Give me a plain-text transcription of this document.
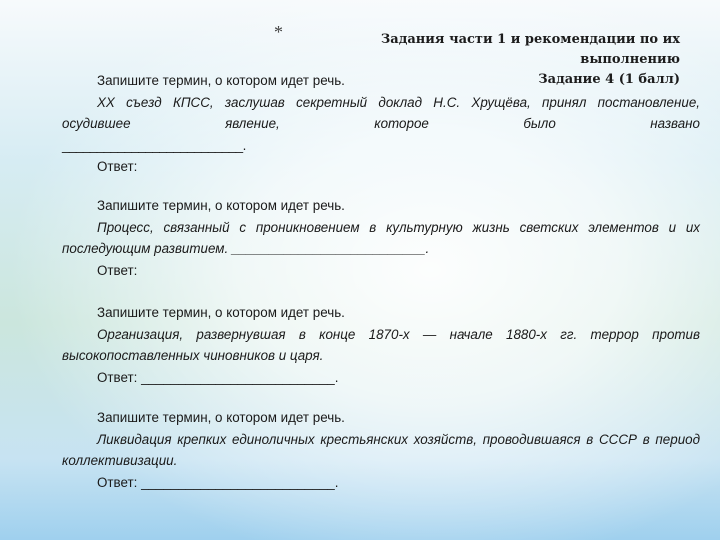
*	Задания части 1 и рекомендации по их выполнению
Задание 4 (1 балл)
Запишите термин, о котором идет речь.
XX съезд КПСС, заслушав секретный доклад Н.С. Хрущёва, принял постановление, осудившее явление, которое было названо
__________________________.
Ответ:
Запишите термин, о котором идет речь.
Процесс, связанный с проникновением в культурную жизнь светских элементов и их последующим развитием. __________________________.
Ответ:
Запишите термин, о котором идет речь.
Организация, развернувшая в конце 1870-х — начале 1880-х гг. террор против высокопоставленных чиновников и царя.
Ответ: __________________________.
Запишите термин, о котором идет речь.
Ликвидация крепких единоличных крестьянских хозяйств, проводившаяся в СССР в период коллективизации.
Ответ: __________________________.
